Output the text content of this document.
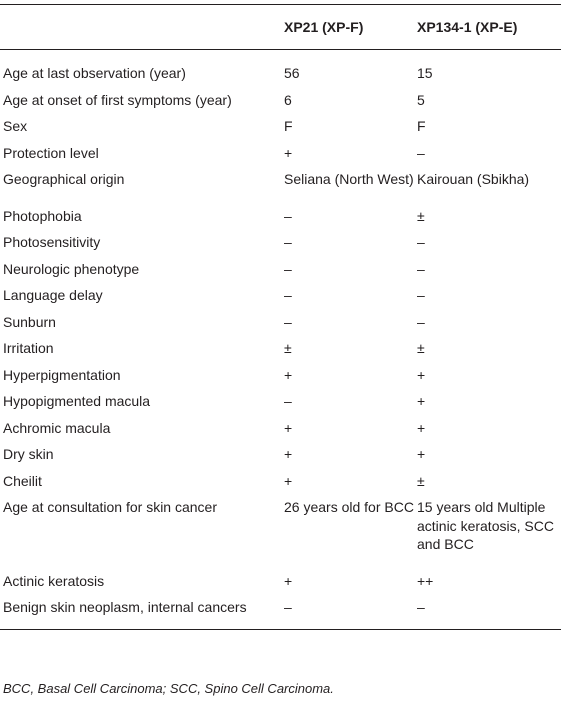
	XP21 (XP-F)	XP134-1 (XP-E)
Age at last observation (year)	56	15
Age at onset of first symptoms (year)	6	5
Sex	F	F
Protection level	+	–
Geographical origin	Seliana (North West)	Kairouan (Sbikha)
Photophobia	–	±
Photosensitivity	–	–
Neurologic phenotype	–	–
Language delay	–	–
Sunburn	–	–
Irritation	±	±
Hyperpigmentation	+	+
Hypopigmented macula	–	+
Achromic macula	+	+
Dry skin	+	+
Cheilit	+	±
Age at consultation for skin cancer	26 years old for BCC	15 years old Multiple actinic keratosis, SCC and BCC
Actinic keratosis	+	++
Benign skin neoplasm, internal cancers	–	–
BCC, Basal Cell Carcinoma; SCC, Spino Cell Carcinoma.
